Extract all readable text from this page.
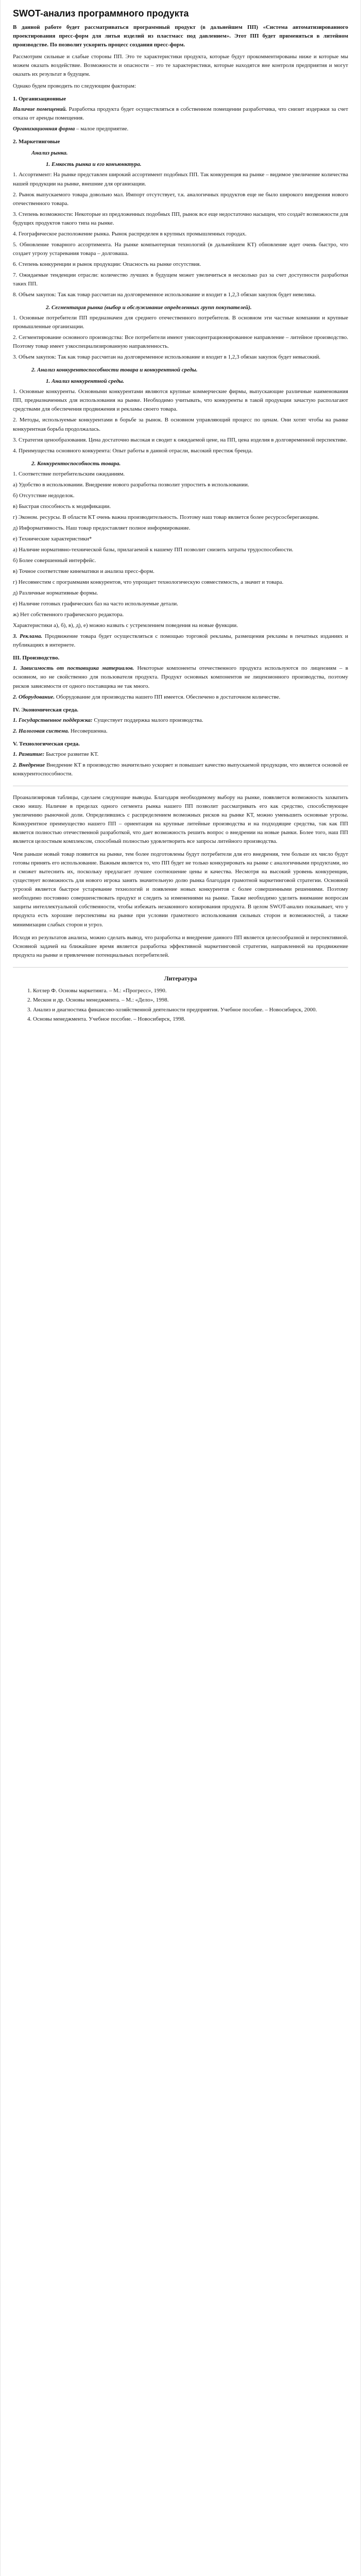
SWOT-анализ программного продукта

В данной работе будет рассматриваться программный продукт (в дальнейшем ПП) «Система автоматизированного проектирования пресс-форм для литья изделий из пластмасс под давлением». Этот ПП будет применяться в литейном производстве. По позволит ускорить процесс создания пресс-форм.

Рассмотрим сильные и слабые стороны ПП. Это те характеристики продукта, которые будут прокомментированы ниже и которые мы можем оказать воздействие. Возможности и опасности – это те характеристики, которые находятся вне контроля предприятия и могут оказать их результат в будущем.

Однако будем проводить по следующим факторам:

1. Организационные
Наличие помещений. Разработка продукта будет осуществляться в собственном помещении разработчика, что снизит издержки за счет отказа от аренды помещения.
Организационная форма – малое предприятие.
2. Маркетинговые
Анализ рынка.
1. Емкость рынка и его конъюнктура.
1. Ассортимент: На рынке представлен широкий ассортимент подобных ПП. Так конкуренция на рынке – видимое увеличение количества нашей продукции на рынке, внешние для организации.
2. Рынок выпускаемого товара довольно мал. Импорт отсутствует, т.к. аналогичных продуктов еще не было широкого внедрения нового отечественного товара.
3. Степень возможности: Некоторые из предложенных подобных ПП, рынок все еще недостаточно насыщен, что создаёт возможности для будущих продуктов такого типа на рынке.
4. Географическое расположение рынка. Рынок распределен в крупных промышленных городах.
5. Обновление товарного ассортимента. На рынке компьютерная технологий (в дальнейшем КТ) обновление идет очень быстро, что создает угрозу устаревания товара – долговаша.
6. Степень конкуренции и рынок продукции: Опасность на рынке отсутствия.
7. Ожидаемые тенденции отрасли: количество лучших в будущем может увеличиться в несколько раз за счет доступности разработки таких ПП.
8. Объем закупок: Так как товар рассчитан на долговременное использование и входит в 1,2,3 обязан закупок будет невелика.
2. Сегментация рынка (выбор и обслуживание определенных групп покупателей).
1. Основные потребители ПП предназначен для среднего отечественного потребителя. В основном эти частные компании и крупные промышленные организации.
2. Сегментирование основного производства: Все потребители имеют унисоцентрационированное направление – литейное производство. Поэтому товар имеет узкоспециализированную направленность.
3. Объем закупок: Так как товар рассчитан на долговременное использование и входит в 1,2,3 обязан закупок будет невысокий.
2. Анализ конкурентоспособности товара и конкурентной среды.
1. Анализ конкурентной среды.
1. Основные конкуренты. Основными конкурентами являются крупные коммерческие фирмы, выпускающие различные наименования ПП, предназначенных для использования на рынке. Необходимо учитывать, что конкуренты в такой продукции зачастую располагают средствами для обеспечения продвижения и рекламы своего товара.
2. Методы, используемые конкурентами в борьбе за рынок. В основном управляющий процесс по ценам. Они хотят чтобы на рынке конкурентная борьба продолжалась.
3. Стратегия ценообразования. Цена достаточно высокая и сводит к ожидаемой цене, на ПП, цена изделия в долговременной перспективе.
4. Преимущества основного конкурента: Опыт работы в данной отрасли, высокий престиж бренда.
2. Конкурентоспособность товара.
1. Соответствие потребительским ожиданиям.
а) Удобство в использовании. Внедрение нового разработка позволит упростить в использовании.
б) Отсутствие недоделок.
в) Быстрая способность к модификации.
г) Эконом. ресурсы. В области КТ очень важна производительность. Поэтому наш товар является более ресурсосберегающим.
д) Информативность. Наш товар предоставляет полное информирование.
е) Технические характеристики*
а) Наличие нормативно-технической базы, прилагаемой к нашему ПП позволит снизить затраты трудоспособности.
б) Более совершенный интерфейс.
в) Точное соответствие кинематики и анализа пресс-форм.
г) Несовместим с программами конкурентов, что упрощает технологическую совместимость, а значит и товара.
д) Различные нормативные формы.
е) Наличие готовых графических баз на часто используемые детали.
ж) Нет собственного графического редактора.
Характеристики а), б), в), д), е) можно назвать с устремлением поведения на новые функции.
3. Реклама. Продвижение товара будет осуществляться с помощью торговой рекламы, размещения рекламы в печатных изданиях и публикациях в интернете.
III. Производство.
1. Зависимость от поставщика материалов. Некоторые компоненты отечественного продукта используются по лицензиям – в основном, но не свойственно для пользователя продукта. Продукт основных компонентов не лицензионного производства, поэтому рисков зависимости от одного поставщика не так много.
2. Оборудование. Оборудование для производства нашего ПП имеется. Обеспечено в достаточном количестве.
IV. Экономическая среда.
1. Государственное поддержка: Существует поддержка малого производства.
2. Налоговая система. Несовершенна.
V. Технологическая среда.
1. Развитие: Быстрое развитие КТ.
2. Внедрение Внедрение КТ в производство значительно ускоряет и повышает качество выпускаемой продукции, что является основой ее конкурентоспособности.

Проанализировав таблицы, сделаем следующие выводы. Благодаря необходимому выбору на рынке, появляется возможность захватить свою нишу. Наличие в пределах одного сегмента рынка нашего ПП позволит рассматривать его как средство, способствующее увеличению рыночной доли. Определившись с распределением возможных рисков на рынке КТ, можно уменьшить основные угрозы. Конкурентное преимущество нашего ПП – ориентация на крупные литейные производства и на подходящие средства, так как ПП является полностью отечественной разработкой, что дает возможность решить вопрос о внедрении на новые рынки. Более того, наш ПП является целостным комплексом, способный полностью удовлетворить все запросы литейного производства.

Чем раньше новый товар появится на рынке, тем более подготовлены будут потребители для его внедрения, тем больше их число будут готовы принять его использование. Важным является то, что ПП будет не только конкурировать на рынке с аналогичными продуктами, но и сможет вытеснить их, поскольку предлагает лучшее соотношение цены и качества. Несмотря на высокий уровень конкуренции, существует возможность для нового игрока занять значительную долю рынка благодаря грамотной маркетинговой стратегии. Основной угрозой является быстрое устаревание технологий и появление новых конкурентов с более совершенными решениями. Поэтому необходимо постоянно совершенствовать продукт и следить за изменениями на рынке. Также необходимо уделить внимание вопросам защиты интеллектуальной собственности, чтобы избежать незаконного копирования продукта. В целом SWOT-анализ показывает, что у продукта есть хорошие перспективы на рынке при условии грамотного использования сильных сторон и возможностей, а также минимизации слабых сторон и угроз.

Исходя из результатов анализа, можно сделать вывод, что разработка и внедрение данного ПП является целесообразной и перспективной. Основной задачей на ближайшее время является разработка эффективной маркетинговой стратегии, направленной на продвижение продукта на рынке и привлечение потенциальных потребителей.

Литература
1. Котлер Ф. Основы маркетинга. – М.: «Прогресс», 1990.
2. Мескон и др. Основы менеджмента. – М.: «Дело», 1998.
3. Анализ и диагностика финансово-хозяйственной деятельности предприятия. Учебное пособие. – Новосибирск, 2000.
4. Основы менеджмента. Учебное пособие. – Новосибирск, 1998.
